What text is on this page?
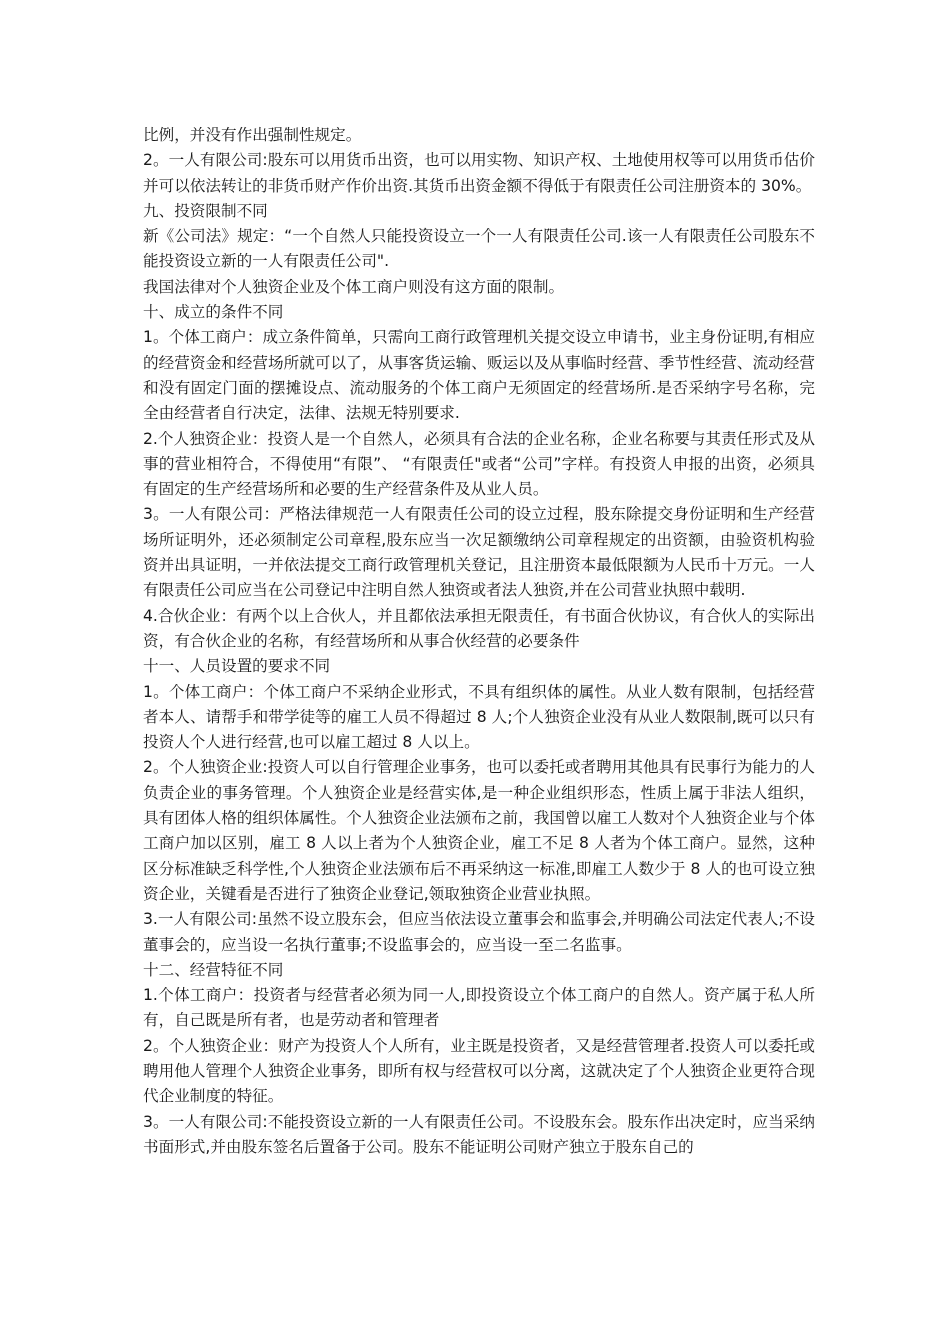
比例，并没有作出强制性规定。

2。一人有限公司:股东可以用货币出资，也可以用实物、知识产权、土地使用权等可以用货币估价并可以依法转让的非货币财产作价出资.其货币出资金额不得低于有限责任公司注册资本的 30%。

九、投资限制不同

新《公司法》规定：“一个自然人只能投资设立一个一人有限责任公司.该一人有限责任公司股东不能投资设立新的一人有限责任公司".

我国法律对个人独资企业及个体工商户则没有这方面的限制。

十、成立的条件不同

1。个体工商户：成立条件简单，只需向工商行政管理机关提交设立申请书，业主身份证明,有相应的经营资金和经营场所就可以了，从事客货运输、贩运以及从事临时经营、季节性经营、流动经营和没有固定门面的摆摊设点、流动服务的个体工商户无须固定的经营场所.是否采纳字号名称，完全由经营者自行决定，法律、法规无特别要求.

2.个人独资企业：投资人是一个自然人，必须具有合法的企业名称，企业名称要与其责任形式及从事的营业相符合，不得使用“有限”、 “有限责任"或者“公司”字样。有投资人申报的出资，必须具有固定的生产经营场所和必要的生产经营条件及从业人员。

3。一人有限公司：严格法律规范一人有限责任公司的设立过程，股东除提交身份证明和生产经营场所证明外，还必须制定公司章程,股东应当一次足额缴纳公司章程规定的出资额，由验资机构验资并出具证明，一并依法提交工商行政管理机关登记，且注册资本最低限额为人民币十万元。一人有限责任公司应当在公司登记中注明自然人独资或者法人独资,并在公司营业执照中载明.

4.合伙企业：有两个以上合伙人，并且都依法承担无限责任，有书面合伙协议，有合伙人的实际出资，有合伙企业的名称，有经营场所和从事合伙经营的必要条件

十一、人员设置的要求不同

1。个体工商户：个体工商户不采纳企业形式，不具有组织体的属性。从业人数有限制，包括经营者本人、请帮手和带学徒等的雇工人员不得超过 8 人;个人独资企业没有从业人数限制,既可以只有投资人个人进行经营,也可以雇工超过 8 人以上。

2。个人独资企业:投资人可以自行管理企业事务，也可以委托或者聘用其他具有民事行为能力的人负责企业的事务管理。个人独资企业是经营实体,是一种企业组织形态，性质上属于非法人组织，具有团体人格的组织体属性。个人独资企业法颁布之前，我国曾以雇工人数对个人独资企业与个体工商户加以区别，雇工 8 人以上者为个人独资企业，雇工不足 8 人者为个体工商户。显然，这种区分标准缺乏科学性,个人独资企业法颁布后不再采纳这一标准,即雇工人数少于 8 人的也可设立独资企业，关键看是否进行了独资企业登记,领取独资企业营业执照。

3.一人有限公司:虽然不设立股东会，但应当依法设立董事会和监事会,并明确公司法定代表人;不设董事会的，应当设一名执行董事;不设监事会的，应当设一至二名监事。

十二、经营特征不同

1.个体工商户：投资者与经营者必须为同一人,即投资设立个体工商户的自然人。资产属于私人所有，自己既是所有者，也是劳动者和管理者

2。个人独资企业：财产为投资人个人所有，业主既是投资者，又是经营管理者.投资人可以委托或聘用他人管理个人独资企业事务，即所有权与经营权可以分离，这就决定了个人独资企业更符合现代企业制度的特征。

3。一人有限公司:不能投资设立新的一人有限责任公司。不设股东会。股东作出决定时，应当采纳书面形式,并由股东签名后置备于公司。股东不能证明公司财产独立于股东自己的
